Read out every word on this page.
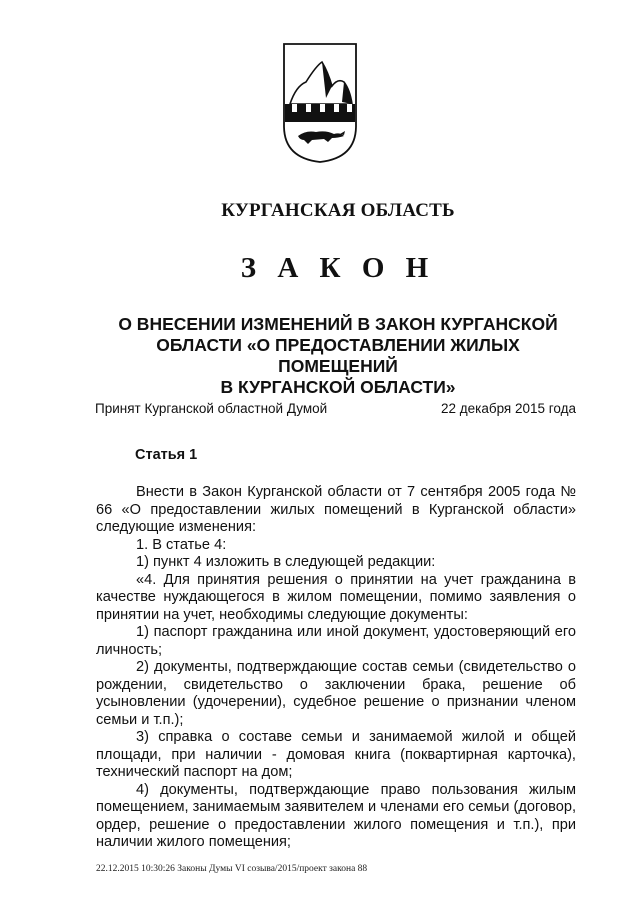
КУРГАНСКАЯ ОБЛАСТЬ
З А К О Н
О ВНЕСЕНИИ ИЗМЕНЕНИЙ В ЗАКОН КУРГАНСКОЙ
ОБЛАСТИ «О ПРЕДОСТАВЛЕНИИ ЖИЛЫХ ПОМЕЩЕНИЙ
В КУРГАНСКОЙ ОБЛАСТИ»
Принят Курганской областной Думой	22 декабря 2015 года
Статья 1

Внести в Закон Курганской области от 7 сентября 2005 года № 66 «О предоставлении жилых помещений в Курганской области» следующие изменения:

1. В статье 4:

1) пункт 4 изложить в следующей редакции:

«4. Для принятия решения о принятии на учет гражданина в качестве нуждающегося в жилом помещении, помимо заявления о принятии на учет, необходимы следующие документы:

1) паспорт гражданина или иной документ, удостоверяющий его личность;

2) документы, подтверждающие состав семьи (свидетельство о рождении, свидетельство о заключении брака, решение об усыновлении (удочерении), судебное решение о признании членом семьи и т.п.);

3) справка о составе семьи и занимаемой жилой и общей площади, при наличии - домовая книга (поквартирная карточка), технический паспорт на дом;

4) документы, подтверждающие право пользования жилым помещением, занимаемым заявителем и членами его семьи (договор, ордер, решение о предоставлении жилого помещения и т.п.), при наличии жилого помещения;

22.12.2015 10:30:26 Законы Думы VI созыва/2015/проект закона 88
